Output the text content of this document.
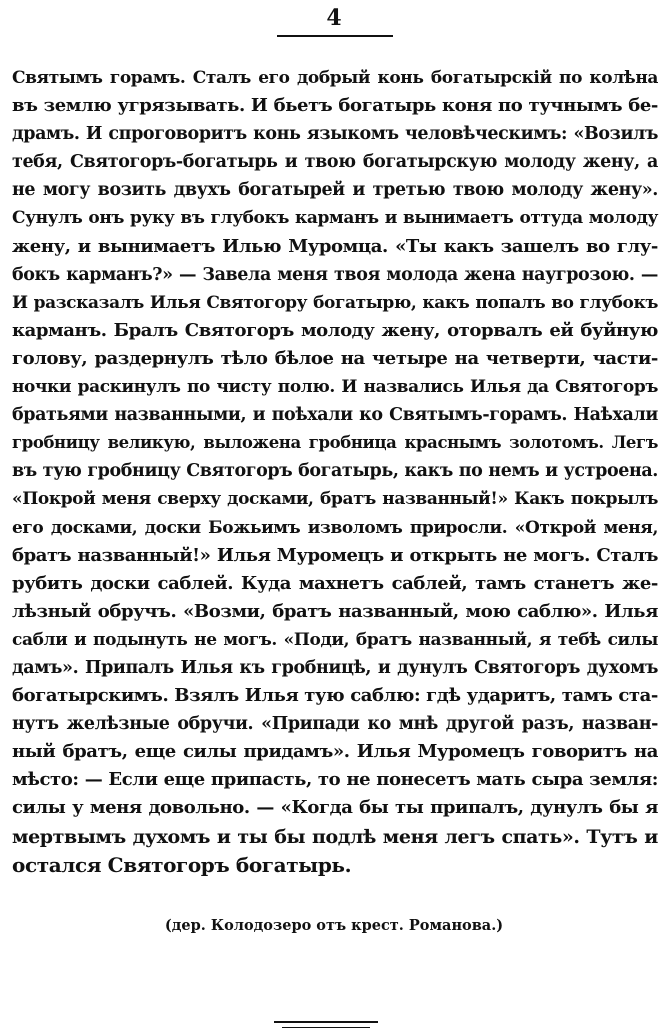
4
Святымъ горамъ. Сталъ его добрый конь богатырскій по колѣна
въ землю угрязывать. И бьетъ богатырь коня по тучнымъ бе-
драмъ. И спроговоритъ конь языкомъ человѣческимъ: «Возилъ
тебя, Святогоръ-богатырь и твою богатырскую молоду жену, а
не могу возить двухъ богатырей и третью твою молоду жену».
Сунулъ онъ руку въ глубокъ карманъ и вынимаетъ оттуда молоду
жену, и вынимаетъ Илью Муромца. «Ты какъ зашелъ во глу-
бокъ карманъ?» — Завела меня твоя молода жена наугрозою. —
И разсказалъ Илья Святогору богатырю, какъ попалъ во глубокъ
карманъ. Бралъ Святогоръ молоду жену, оторвалъ ей буйную
голову, раздернулъ тѣло бѣлое на четыре на четверти, части-
ночки раскинулъ по чисту полю. И назвались Илья да Святогоръ
братьями названными, и поѣхали ко Святымъ-горамъ. Наѣхали
гробницу великую, выложена гробница краснымъ золотомъ. Легъ
въ тую гробницу Святогоръ богатырь, какъ по немъ и устроена.
«Покрой меня сверху досками, братъ названный!» Какъ покрылъ
его досками, доски Божьимъ изволомъ приросли. «Открой меня,
братъ названный!» Илья Муромецъ и открыть не могъ. Сталъ
рубить доски саблей. Куда махнетъ саблей, тамъ станетъ же-
лѣзный обручъ. «Возми, братъ названный, мою саблю». Илья
сабли и подынуть не могъ. «Поди, братъ названный, я тебѣ силы
дамъ». Припалъ Илья къ гробницѣ, и дунулъ Святогоръ духомъ
богатырскимъ. Взялъ Илья тую саблю: гдѣ ударитъ, тамъ ста-
нутъ желѣзные обручи. «Припади ко мнѣ другой разъ, назван-
ный братъ, еще силы придамъ». Илья Муромецъ говоритъ на
мѣсто: — Если еще припасть, то не понесетъ мать сыра земля:
силы у меня довольно. — «Когда бы ты припалъ, дунулъ бы я
мертвымъ духомъ и ты бы подлѣ меня легъ спать». Тутъ и
остался Святогоръ богатырь.
(дер. Колодозеро отъ крест. Романова.)
